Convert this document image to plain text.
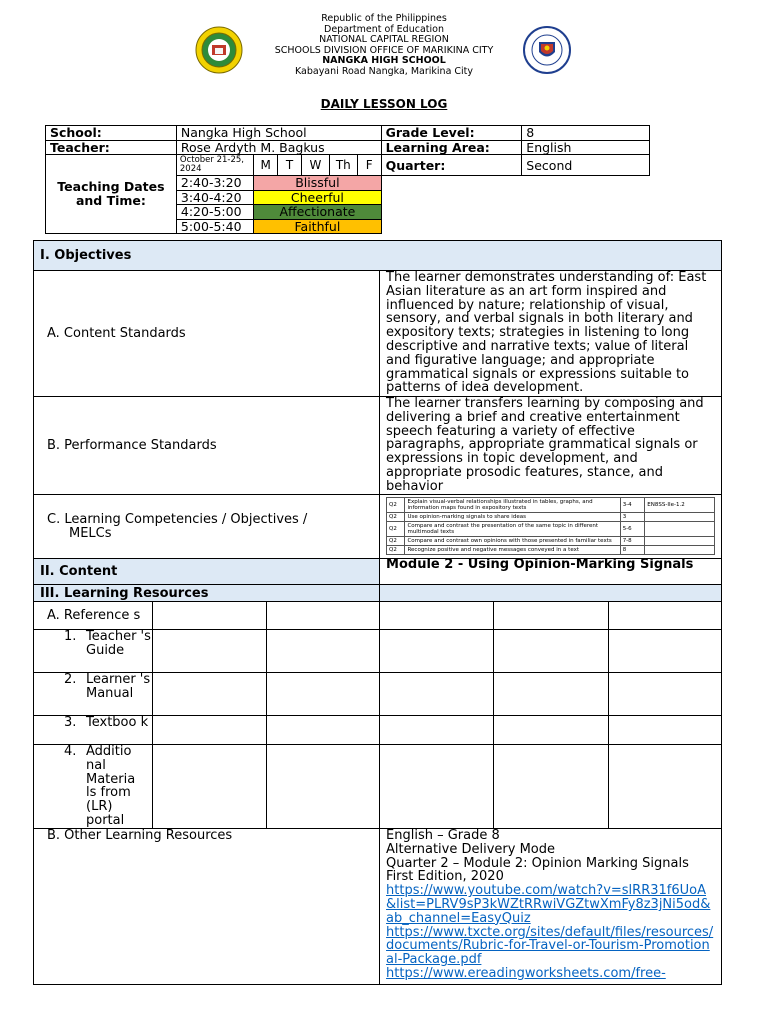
Republic of the Philippines
Department of Education
NATIONAL CAPITAL REGION
SCHOOLS DIVISION OFFICE OF MARIKINA CITY
NANGKA HIGH SCHOOL
Kabayani Road Nangka, Marikina City
DAILY LESSON LOG
School:	Nangka High School						Grade Level:	8
Teacher:	Rose Ardyth M. Bagkus						Learning Area:	English
Teaching Dates and Time:	October 21-25, 2024	M	T	W	Th	F	Quarter:	Second
	2:40-3:20	Blissful						
	3:40-4:20	Cheerful						
	4:20-5:00	Affectionate						
	5:00-5:40	Faithful						
I. Objectives
A. Content Standards	The learner demonstrates understanding of: East Asian literature as an art form inspired and influenced by nature; relationship of visual, sensory, and verbal signals in both literary and expository texts; strategies in listening to long descriptive and narrative texts; value of literal and figurative language; and appropriate grammatical signals or expressions suitable to patterns of idea development.
B. Performance Standards	The learner transfers learning by composing and delivering a brief and creative entertainment speech featuring a variety of effective paragraphs, appropriate grammatical signals or expressions in topic development, and appropriate prosodic features, stance, and behavior

C. Learning Competencies / Objectives /
MELCs

Q2	Explain visual-verbal relationships illustrated in tables, graphs, and information maps found in expository texts	3-4	EN8SS-IIe-1.2
Q2	Use opinion-marking signals to share ideas	3	
Q2	Compare and contrast the presentation of the same topic in different multimodal texts	5-6	
Q2	Compare and contrast own opinions with those presented in familiar texts	7-8	
Q2	Recognize positive and negative messages conveyed in a text	8	

II. Content	Module 2 - Using Opinion-Marking Signals
III. Learning Resources	
A. Reference s					

1. Teacher 's Guide

2. Learner 's Manual

3. Textboo k

4. Additio nal Materia ls from (LR) portal

B. Other Learning Resources	English – Grade 8
Alternative Delivery Mode
Quarter 2 – Module 2: Opinion Marking Signals
First Edition, 2020
https://www.youtube.com/watch?v=slRR31f6UoA&list=PLRV9sP3kWZtRRwiVGZtwXmFy8z3jNi5od&ab_channel=EasyQuiz
https://www.txcte.org/sites/default/files/resources/documents/Rubric-for-Travel-or-Tourism-Promotional-Package.pdf
https://www.ereadingworksheets.com/free-
